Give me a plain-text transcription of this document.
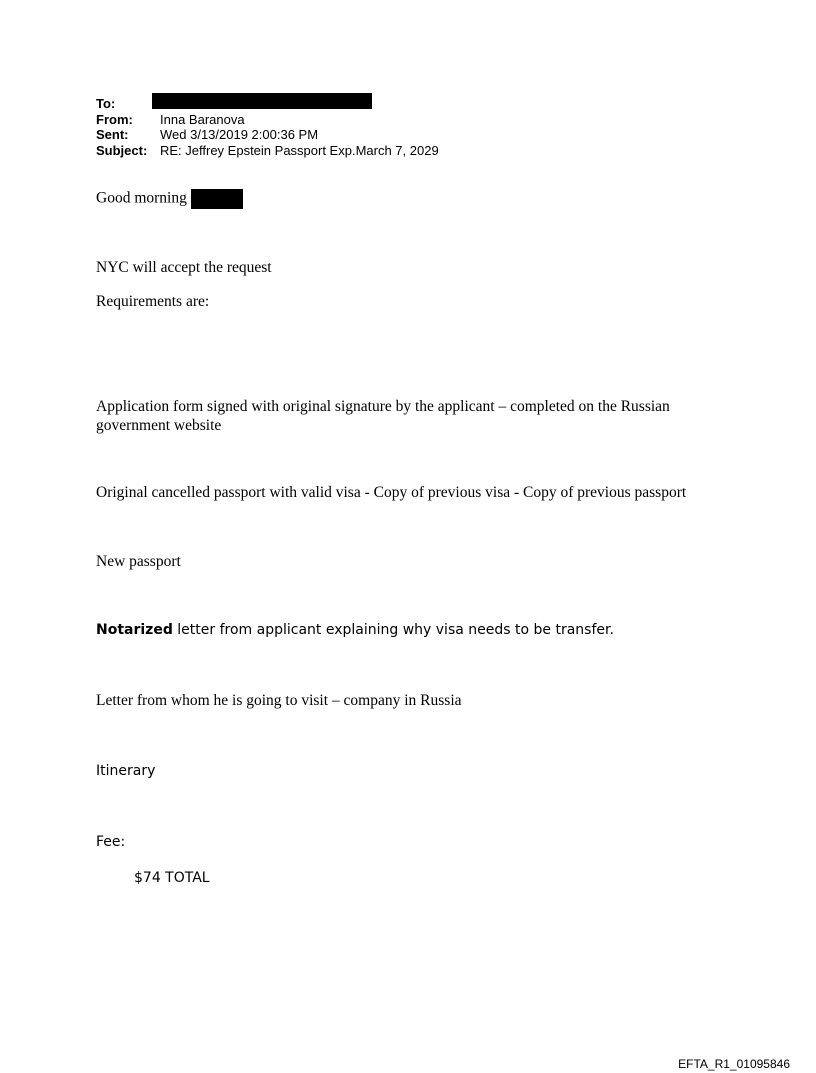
To:
From:	Inna Baranova
Sent:	Wed 3/13/2019 2:00:36 PM
Subject: RE: Jeffrey Epstein Passport Exp.March 7, 2029
Good morning
NYC will accept the request
Requirements are:
Application form signed with original signature by the applicant – completed on the Russian government website
Original cancelled passport with valid visa - Copy of previous visa - Copy of previous passport
New passport
Notarized letter from applicant explaining why visa needs to be transfer.
Letter from whom he is going to visit – company in Russia
Itinerary
Fee:
$74 TOTAL
EFTA_R1_01095846
